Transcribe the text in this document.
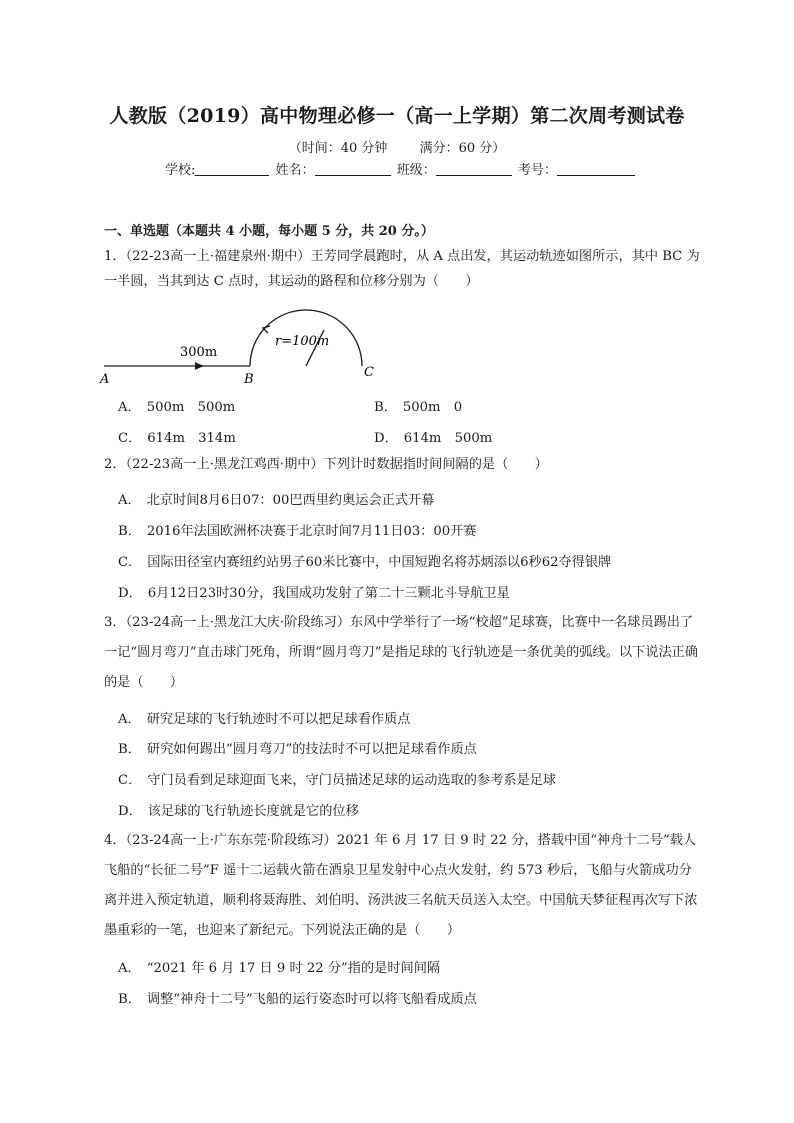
人教版（2019）高中物理必修一（高一上学期）第二次周考测试卷
（时间：40 分钟 满分：60 分）
学校:	姓名：	班级：	考号：
一、单选题（本题共 4 小题，每小题 5 分，共 20 分。）
1．（22-23高一上·福建泉州·期中）王芳同学晨跑时，从 A 点出发，其运动轨迹如图所示，其中 BC 为一半圆，当其到达 C 点时，其运动的路程和位移分别为（　　）
300m
r=100m
A	B	C
A． 500m　500m	B． 500m　0
C． 614m　314m	D． 614m　500m
2．（22-23高一上·黑龙江鸡西·期中）下列计时数据指时间间隔的是（　　）
A． 北京时间8月6日07：00巴西里约奥运会正式开幕
B． 2016年法国欧洲杯决赛于北京时间7月11日03：00开赛
C． 国际田径室内赛纽约站男子60米比赛中，中国短跑名将苏炳添以6秒62夺得银牌
D． 6月12日23时30分，我国成功发射了第二十三颗北斗导航卫星
3．（23-24高一上·黑龙江大庆·阶段练习）东风中学举行了一场“校超”足球赛，比赛中一名球员踢出了一记“圆月弯刀”直击球门死角，所谓“圆月弯刀”是指足球的飞行轨迹是一条优美的弧线。以下说法正确的是（　　）
A． 研究足球的飞行轨迹时不可以把足球看作质点
B． 研究如何踢出“圆月弯刀”的技法时不可以把足球看作质点
C． 守门员看到足球迎面飞来，守门员描述足球的运动选取的参考系是足球
D． 该足球的飞行轨迹长度就是它的位移
4．（23-24高一上·广东东莞·阶段练习）2021 年 6 月 17 日 9 时 22 分，搭载中国“神舟十二号”载人飞船的“长征二号”F 遥十二运载火箭在酒泉卫星发射中心点火发射，约 573 秒后，飞船与火箭成功分离并进入预定轨道，顺利将聂海胜、刘伯明、汤洪波三名航天员送入太空。中国航天梦征程再次写下浓墨重彩的一笔，也迎来了新纪元。下列说法正确的是（　　）
A． “2021 年 6 月 17 日 9 时 22 分”指的是时间间隔
B． 调整“神舟十二号”飞船的运行姿态时可以将飞船看成质点
